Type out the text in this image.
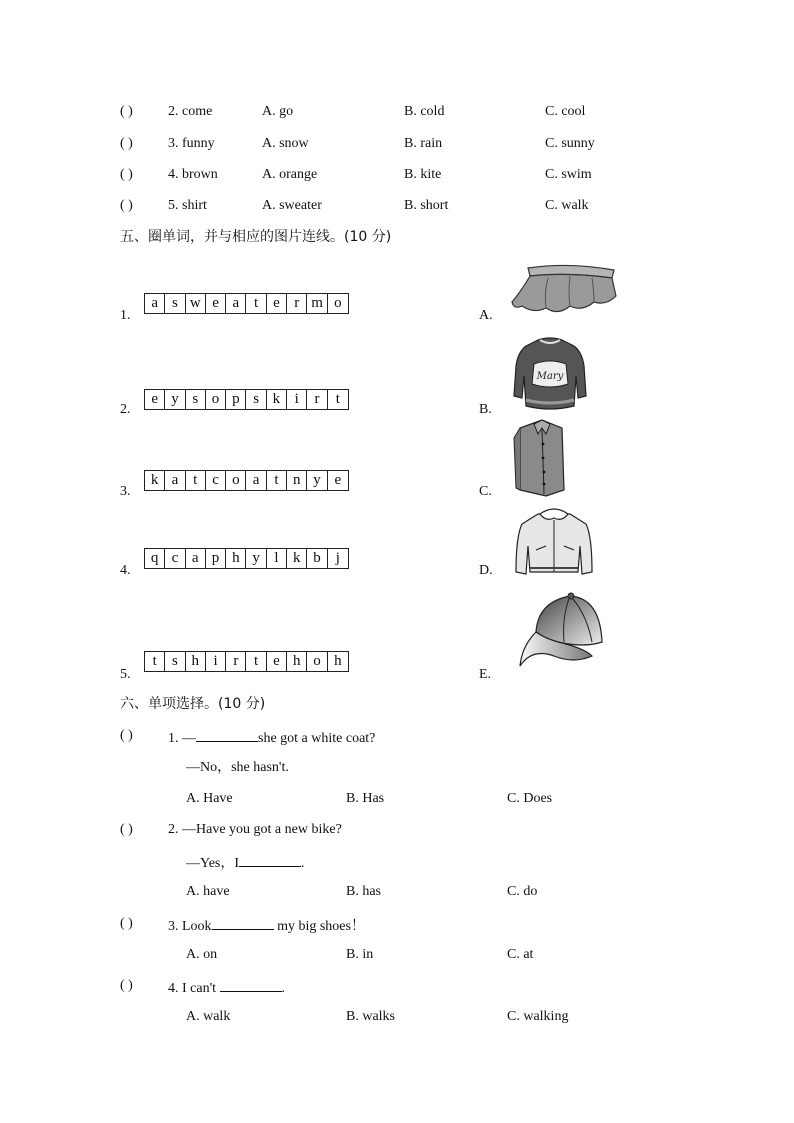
( )	2. come	A. go	B. cold	C. cool
( )	3. funny	A. snow	B. rain	C. sunny
( )	4. brown	A. orange	B. kite	C. swim
( )	5. shirt	A. sweater	B. short	C. walk
五、圈单词，并与相应的图片连线。(10 分)
1.
a s w e a t e r m o
2.
e y s o p s k i	r	t
3.
k a t c o a t n y e
4.
q c a p h y l k b j
5.
t	s h i	r	t e h o h
A.
B.
Mary
C.
D.
E.
六、单项选择。(10 分)
( )	1. —	she got a white coat?
—No，she hasn't.
A. Have	B. Has	C. Does
( )	2. —Have you got a new bike?
—Yes，I	.
A. have	B. has	C. do
( )	3. Look	my big shoes！
A. on	B. in	C. at
( )	4. I can't	.
A. walk	B. walks	C. walking
